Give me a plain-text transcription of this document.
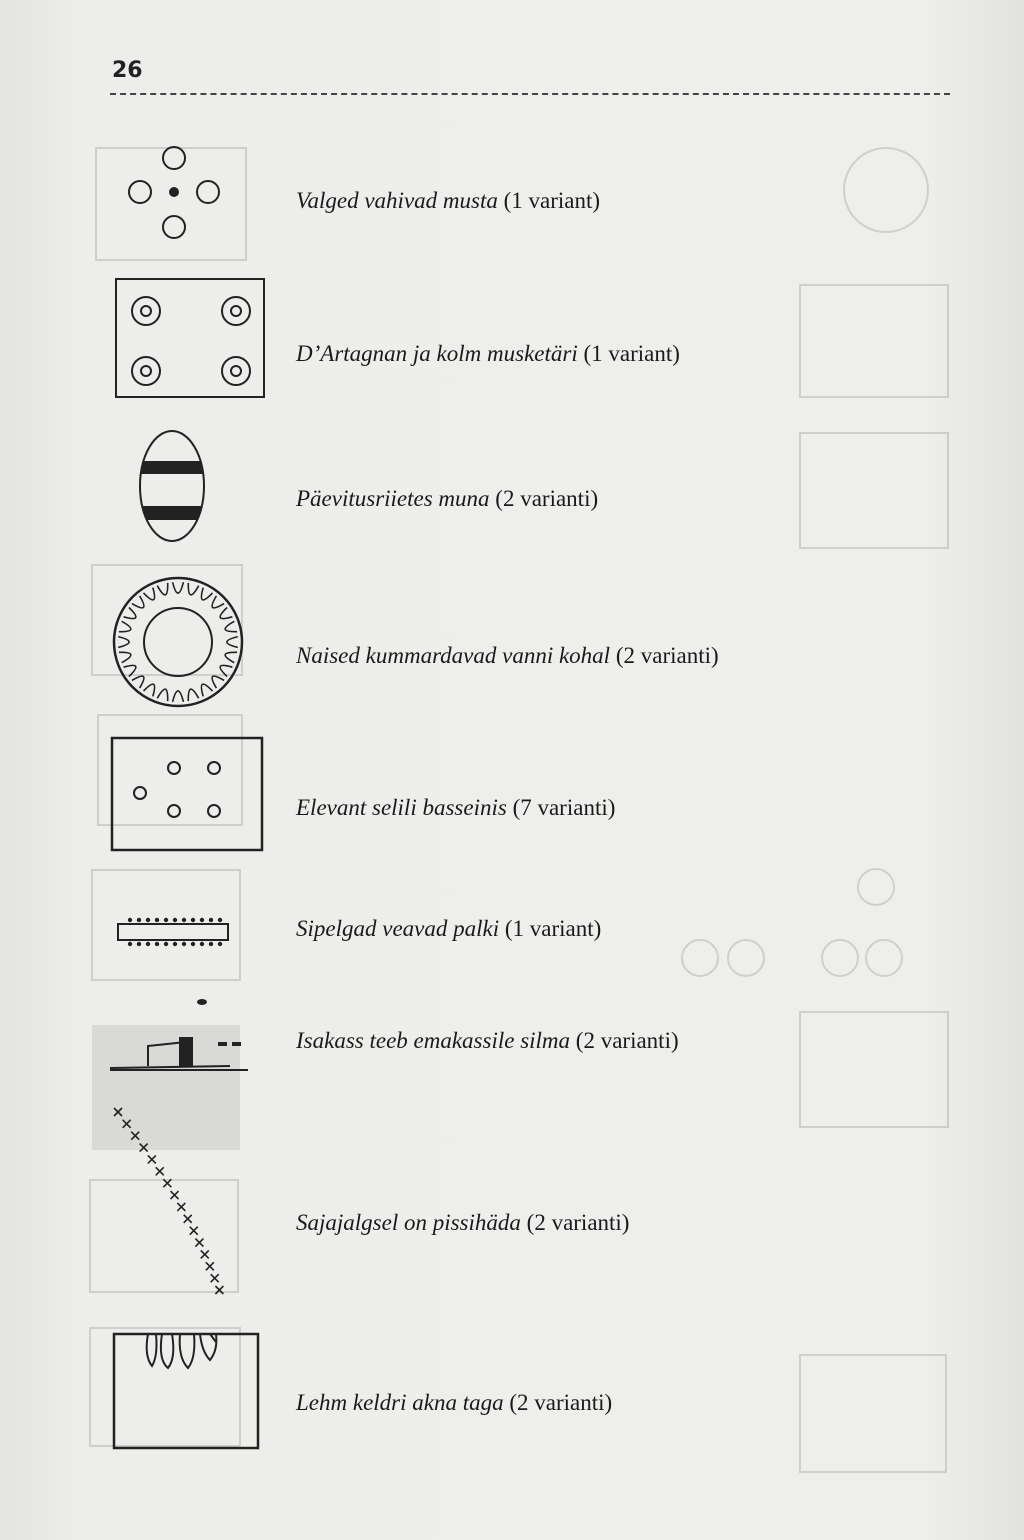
26
Valged vahivad musta (1 variant)
D’Artagnan ja kolm musketäri (1 variant)
Päevitusriietes muna (2 varianti)
Naised kummardavad vanni kohal (2 varianti)
Elevant selili basseinis (7 varianti)
Sipelgad veavad palki (1 variant)
Isakass teeb emakassile silma (2 varianti)
Sajajalgsel on pissihäda (2 varianti)
Lehm keldri akna taga (2 varianti)
